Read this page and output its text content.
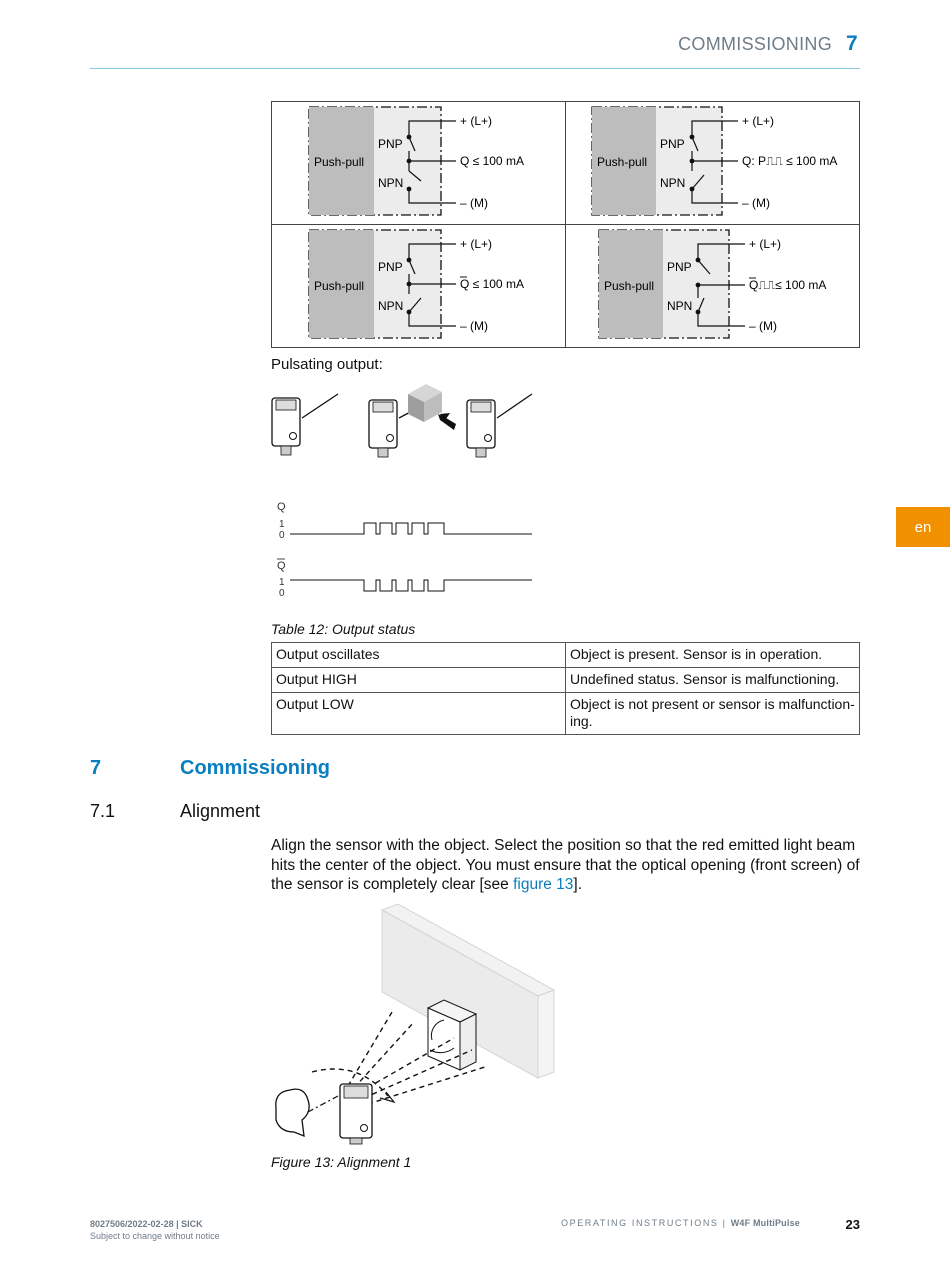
COMMISSIONING 7
en
Push-pull
PNP
NPN
+ (L+)
Q ≤ 100 mA
– (M)
Push-pull
PNP
NPN
+ (L+)
Q: P⎍⎍ ≤ 100 mA
– (M)
Push-pull
PNP
NPN
+ (L+)
Q ≤ 100 mA
– (M)
Push-pull
PNP
NPN
+ (L+)
Q⎍⎍≤ 100 mA
– (M)
Pulsating output:
Q
1
0
Q
1
0
Table 12: Output status
Output oscillates	Object is present. Sensor is in operation.
Output HIGH	Undefined status. Sensor is malfunctioning.
Output LOW	Object is not present or sensor is malfunction-ing.
7	Commissioning
7.1	Alignment

Align the sensor with the object. Select the position so that the red emitted light beam hits the center of the object. You must ensure that the optical opening (front screen) of the sensor is completely clear [see figure 13].

Figure 13: Alignment 1
8027506/2022-02-28 | SICK
Subject to change without notice
OPERATING INSTRUCTIONS | W4F MultiPulse	23
